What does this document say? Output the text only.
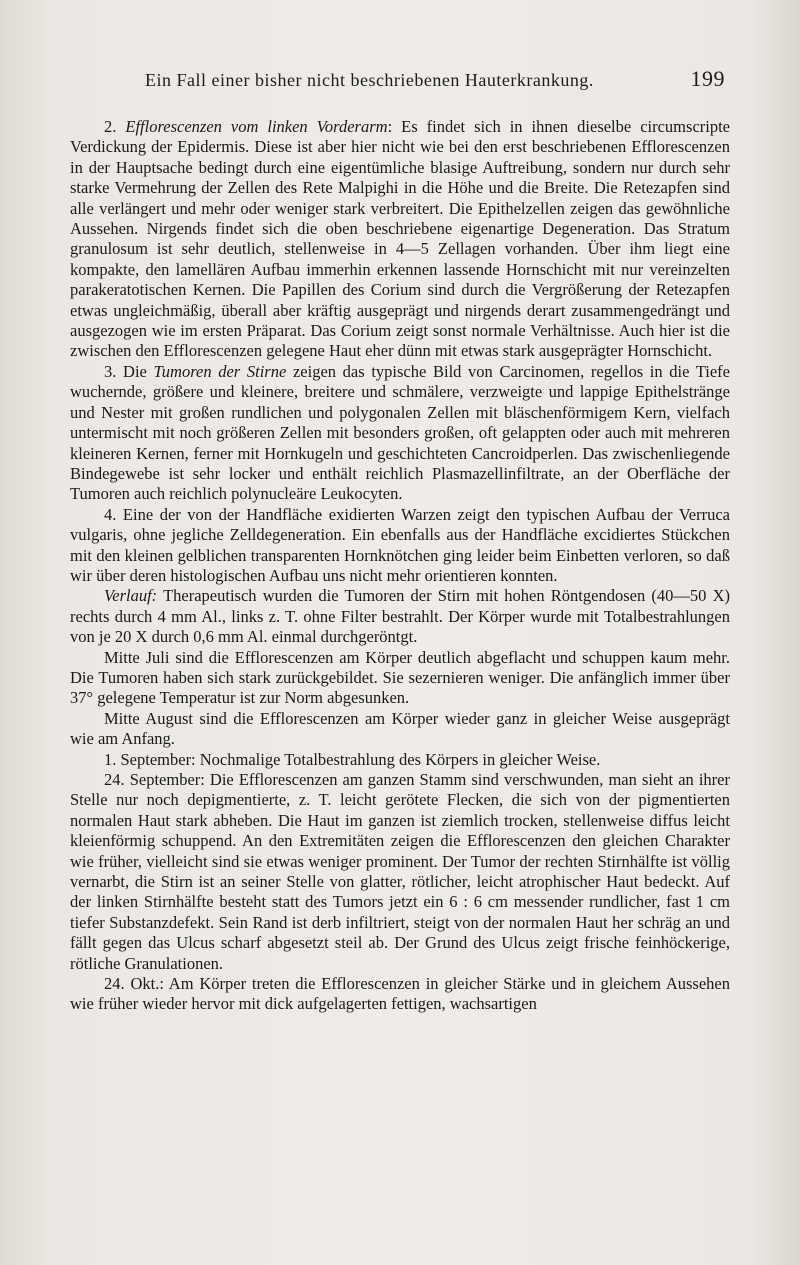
Ein Fall einer bisher nicht beschriebenen Hauterkrankung.	199

2. Efflorescenzen vom linken Vorderarm: Es findet sich in ihnen dieselbe circumscripte Verdickung der Epidermis. Diese ist aber hier nicht wie bei den erst beschriebenen Efflorescenzen in der Hauptsache bedingt durch eine eigentümliche blasige Auftreibung, sondern nur durch sehr starke Vermehrung der Zellen des Rete Malpighi in die Höhe und die Breite. Die Retezapfen sind alle verlängert und mehr oder weniger stark verbreitert. Die Epithelzellen zeigen das gewöhnliche Aussehen. Nirgends findet sich die oben beschriebene eigenartige Degeneration. Das Stratum granulosum ist sehr deutlich, stellenweise in 4—5 Zellagen vorhanden. Über ihm liegt eine kompakte, den lamellären Aufbau immerhin erkennen lassende Hornschicht mit nur vereinzelten parakeratotischen Kernen. Die Papillen des Corium sind durch die Vergrößerung der Retezapfen etwas ungleichmäßig, überall aber kräftig ausgeprägt und nirgends derart zusammengedrängt und ausgezogen wie im ersten Präparat. Das Corium zeigt sonst normale Verhältnisse. Auch hier ist die zwischen den Efflorescenzen gelegene Haut eher dünn mit etwas stark ausgeprägter Hornschicht.

3. Die Tumoren der Stirne zeigen das typische Bild von Carcinomen, regellos in die Tiefe wuchernde, größere und kleinere, breitere und schmälere, verzweigte und lappige Epithelstränge und Nester mit großen rundlichen und polygonalen Zellen mit bläschenförmigem Kern, vielfach untermischt mit noch größeren Zellen mit besonders großen, oft gelappten oder auch mit mehreren kleineren Kernen, ferner mit Hornkugeln und geschichteten Cancroidperlen. Das zwischenliegende Bindegewebe ist sehr locker und enthält reichlich Plasmazellinfiltrate, an der Oberfläche der Tumoren auch reichlich polynucleäre Leukocyten.

4. Eine der von der Handfläche exidierten Warzen zeigt den typischen Aufbau der Verruca vulgaris, ohne jegliche Zelldegeneration. Ein ebenfalls aus der Handfläche excidiertes Stückchen mit den kleinen gelblichen transparenten Hornknötchen ging leider beim Einbetten verloren, so daß wir über deren histologischen Aufbau uns nicht mehr orientieren konnten.

Verlauf: Therapeutisch wurden die Tumoren der Stirn mit hohen Röntgendosen (40—50 X) rechts durch 4 mm Al., links z. T. ohne Filter bestrahlt. Der Körper wurde mit Totalbestrahlungen von je 20 X durch 0,6 mm Al. einmal durchgeröntgt.

Mitte Juli sind die Efflorescenzen am Körper deutlich abgeflacht und schuppen kaum mehr. Die Tumoren haben sich stark zurückgebildet. Sie sezernieren weniger. Die anfänglich immer über 37° gelegene Temperatur ist zur Norm abgesunken.

Mitte August sind die Efflorescenzen am Körper wieder ganz in gleicher Weise ausgeprägt wie am Anfang.

1. September: Nochmalige Totalbestrahlung des Körpers in gleicher Weise.

24. September: Die Efflorescenzen am ganzen Stamm sind verschwunden, man sieht an ihrer Stelle nur noch depigmentierte, z. T. leicht gerötete Flecken, die sich von der pigmentierten normalen Haut stark abheben. Die Haut im ganzen ist ziemlich trocken, stellenweise diffus leicht kleienförmig schuppend. An den Extremitäten zeigen die Efflorescenzen den gleichen Charakter wie früher, vielleicht sind sie etwas weniger prominent. Der Tumor der rechten Stirnhälfte ist völlig vernarbt, die Stirn ist an seiner Stelle von glatter, rötlicher, leicht atrophischer Haut bedeckt. Auf der linken Stirnhälfte besteht statt des Tumors jetzt ein 6 : 6 cm messender rundlicher, fast 1 cm tiefer Substanzdefekt. Sein Rand ist derb infiltriert, steigt von der normalen Haut her schräg an und fällt gegen das Ulcus scharf abgesetzt steil ab. Der Grund des Ulcus zeigt frische feinhöckerige, rötliche Granulationen.

24. Okt.: Am Körper treten die Efflorescenzen in gleicher Stärke und in gleichem Aussehen wie früher wieder hervor mit dick aufgelagerten fettigen, wachsartigen
